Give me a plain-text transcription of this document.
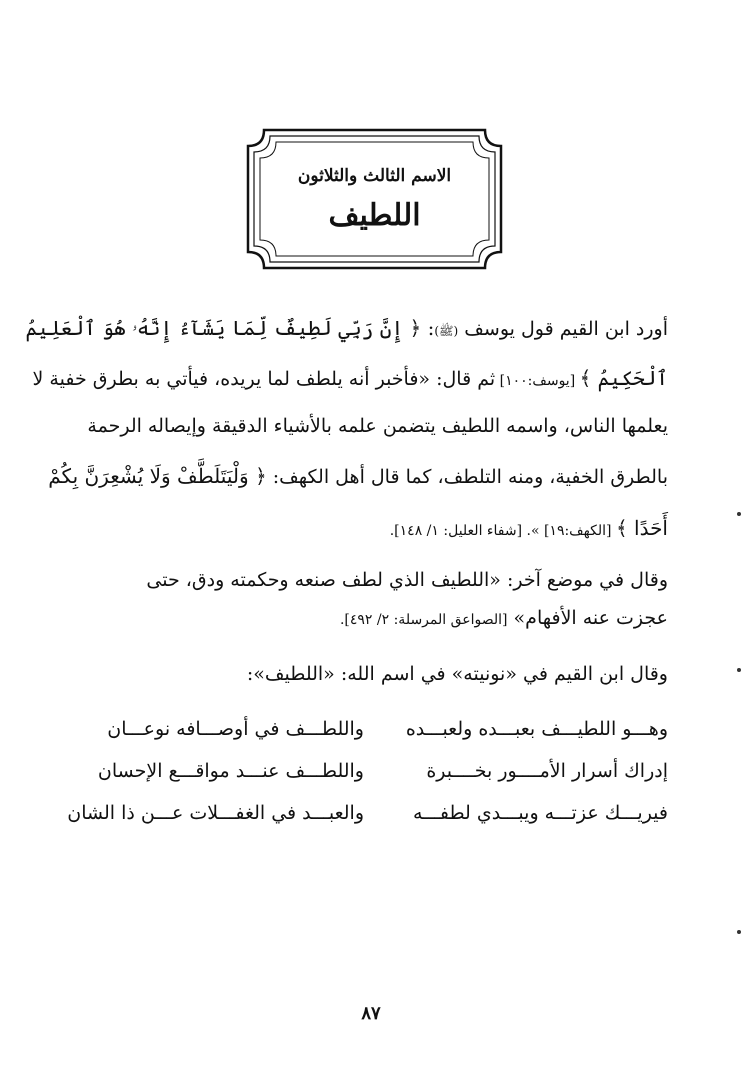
الاسم الثالث والثلاثون
اللطيف
أورد ابن القيم قول يوسف (ﷺ): ﴿ إِنَّ رَبِّي لَطِيفٌ لِّمَا يَشَآءُ إِنَّهُۥ هُوَ ٱلْعَلِيمُ
ٱلْحَكِيمُ ﴾ [يوسف:١٠٠] ثم قال: «فأخبر أنه يلطف لما يريده، فيأتي به بطرق خفية لا
يعلمها الناس، واسمه اللطيف يتضمن علمه بالأشياء الدقيقة وإيصاله الرحمة
بالطرق الخفية، ومنه التلطف، كما قال أهل الكهف: ﴿ وَلْيَتَلَطَّفْ وَلَا يُشْعِرَنَّ بِكُمْ
أَحَدًا ﴾ [الكهف:١٩] ». [شفاء العليل: ١/ ١٤٨].
وقال في موضع آخر: «اللطيف الذي لطف صنعه وحكمته ودق، حتى
عجزت عنه الأفهام» [الصواعق المرسلة: ٢/ ٤٩٢].
وقال ابن القيم في «نونيته» في اسم الله: «اللطيف»:
وهـــو اللطيـــف بعبـــده ولعبـــده
واللطـــف في أوصـــافه نوعـــان
إدراك أسرار الأمــــور بخــــبرة
واللطـــف عنـــد مواقـــع الإحسان
فيريـــك عزتـــه ويبـــدي لطفـــه
والعبـــد في الغفـــلات عـــن ذا الشان
٨٧
